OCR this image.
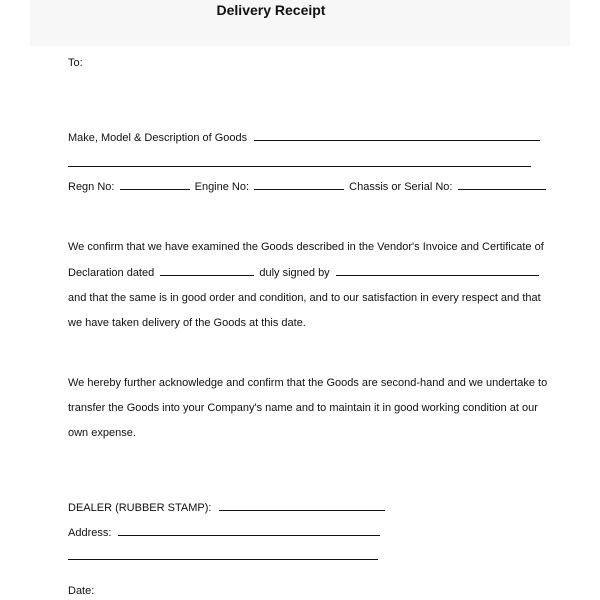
Delivery Receipt
To:
Make, Model & Description of Goods
Regn No:	Engine No:	Chassis or Serial No:
We confirm that we have examined the Goods described in the Vendor's Invoice and Certificate of
Declaration dated	duly signed by
and that the same is in good order and condition, and to our satisfaction in every respect and that
we have taken delivery of the Goods at this date.
We hereby further acknowledge and confirm that the Goods are second-hand and we undertake to
transfer the Goods into your Company's name and to maintain it in good working condition at our
own expense.
DEALER (RUBBER STAMP):
Address:
Date:
